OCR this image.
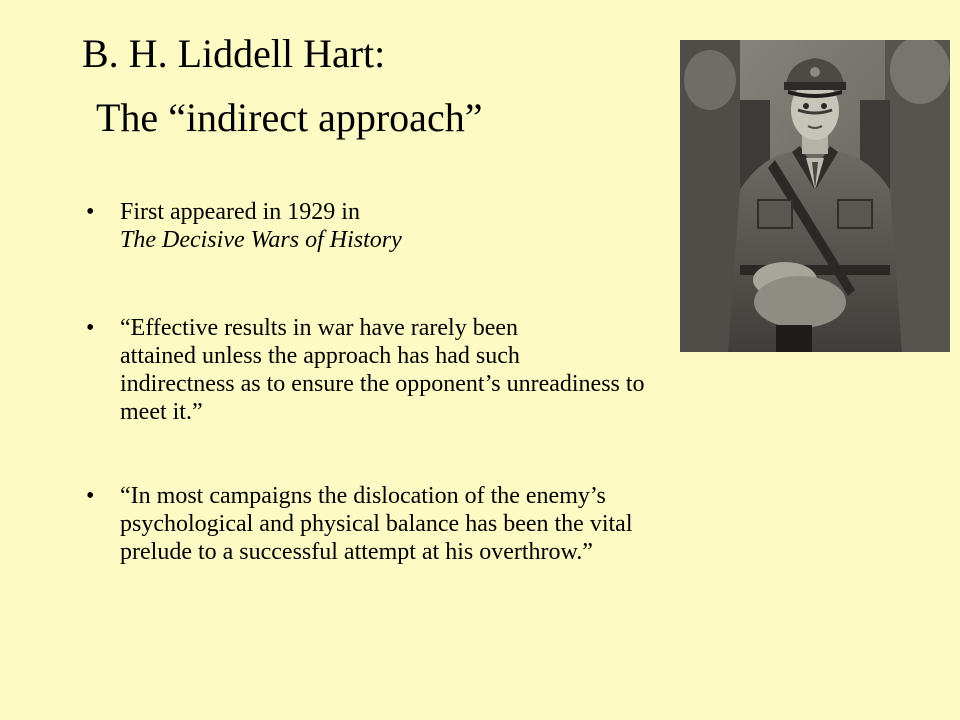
B. H. Liddell Hart:
The “indirect approach”
• First appeared in 1929 in
The Decisive Wars of History
• “Effective results in war have rarely been
attained unless the approach has had such
indirectness as to ensure the opponent’s unreadiness to
meet it.”
• “In most campaigns the dislocation of the enemy’s
psychological and physical balance has been the vital
prelude to a successful attempt at his overthrow.”
